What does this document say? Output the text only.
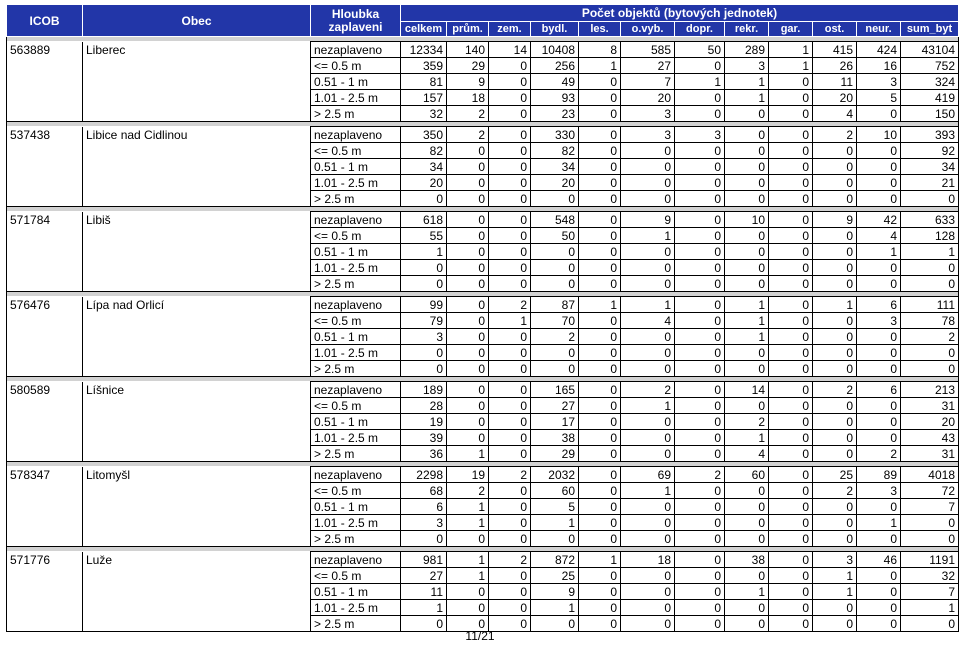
ICOB	Obec	Hloubka
zaplaveni	Počet objektů (bytových jednotek)											
			celkem	prům.	zem.	bydl.	les.	o.vyb.	dopr.	rekr.	gar.	ost.	neur.	sum_byt

563889	Liberec	nezaplaveno	12334	140	14	10408	8	585	50	289	1	415	424	43104
		<= 0.5 m	359	29	0	256	1	27	0	3	1	26	16	752
		0.51 - 1 m	81	9	0	49	0	7	1	1	0	11	3	324
		1.01 - 2.5 m	157	18	0	93	0	20	0	1	0	20	5	419
		> 2.5 m	32	2	0	23	0	3	0	0	0	4	0	150

537438	Libice nad Cidlinou	nezaplaveno	350	2	0	330	0	3	3	0	0	2	10	393
		<= 0.5 m	82	0	0	82	0	0	0	0	0	0	0	92
		0.51 - 1 m	34	0	0	34	0	0	0	0	0	0	0	34
		1.01 - 2.5 m	20	0	0	20	0	0	0	0	0	0	0	21
		> 2.5 m	0	0	0	0	0	0	0	0	0	0	0	0

571784	Libiš	nezaplaveno	618	0	0	548	0	9	0	10	0	9	42	633
		<= 0.5 m	55	0	0	50	0	1	0	0	0	0	4	128
		0.51 - 1 m	1	0	0	0	0	0	0	0	0	0	1	1
		1.01 - 2.5 m	0	0	0	0	0	0	0	0	0	0	0	0
		> 2.5 m	0	0	0	0	0	0	0	0	0	0	0	0

576476	Lípa nad Orlicí	nezaplaveno	99	0	2	87	1	1	0	1	0	1	6	111
		<= 0.5 m	79	0	1	70	0	4	0	1	0	0	3	78
		0.51 - 1 m	3	0	0	2	0	0	0	1	0	0	0	2
		1.01 - 2.5 m	0	0	0	0	0	0	0	0	0	0	0	0
		> 2.5 m	0	0	0	0	0	0	0	0	0	0	0	0

580589	Líšnice	nezaplaveno	189	0	0	165	0	2	0	14	0	2	6	213
		<= 0.5 m	28	0	0	27	0	1	0	0	0	0	0	31
		0.51 - 1 m	19	0	0	17	0	0	0	2	0	0	0	20
		1.01 - 2.5 m	39	0	0	38	0	0	0	1	0	0	0	43
		> 2.5 m	36	1	0	29	0	0	0	4	0	0	2	31

578347	Litomyšl	nezaplaveno	2298	19	2	2032	0	69	2	60	0	25	89	4018
		<= 0.5 m	68	2	0	60	0	1	0	0	0	2	3	72
		0.51 - 1 m	6	1	0	5	0	0	0	0	0	0	0	7
		1.01 - 2.5 m	3	1	0	1	0	0	0	0	0	0	1	0
		> 2.5 m	0	0	0	0	0	0	0	0	0	0	0	0

571776	Luže	nezaplaveno	981	1	2	872	1	18	0	38	0	3	46	1191
		<= 0.5 m	27	1	0	25	0	0	0	0	0	1	0	32
		0.51 - 1 m	11	0	0	9	0	0	0	1	0	1	0	7
		1.01 - 2.5 m	1	0	0	1	0	0	0	0	0	0	0	1
		> 2.5 m	0	0	0	0	0	0	0	0	0	0	0	0
11/21
